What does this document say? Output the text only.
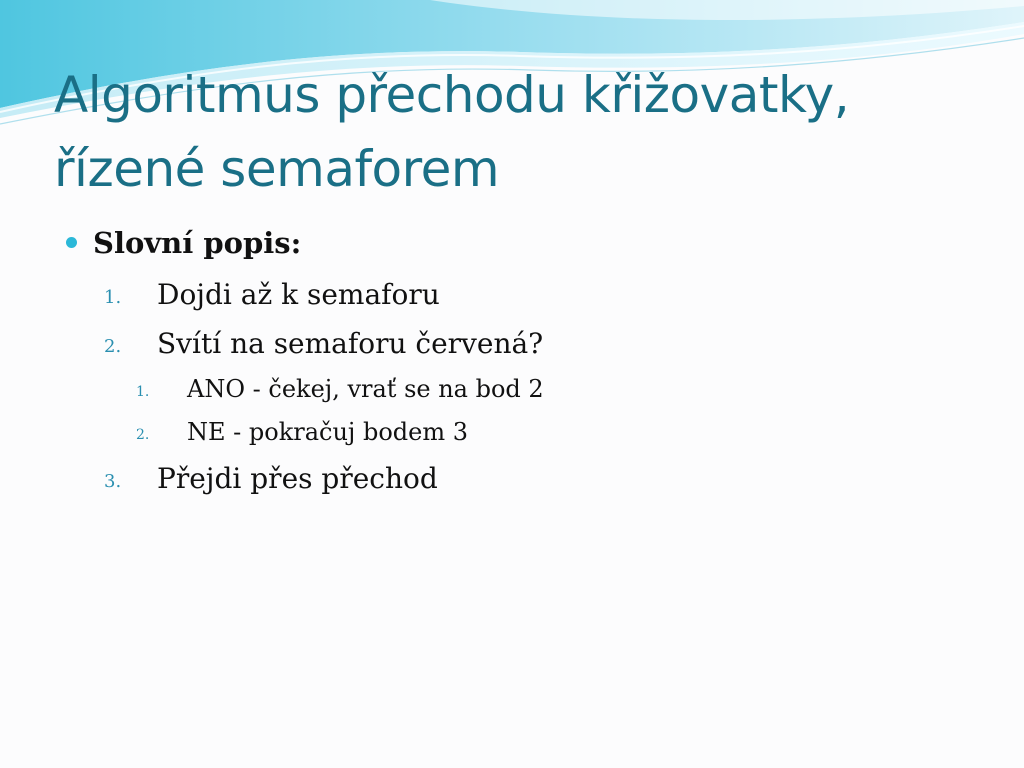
Algoritmus přechodu křižovatky,
řízené semaforem
Slovní popis:
1. Dojdi až k semaforu
2. Svítí na semaforu červená?
1. ANO - čekej, vrať se na bod 2
2. NE - pokračuj bodem 3
3. Přejdi přes přechod
